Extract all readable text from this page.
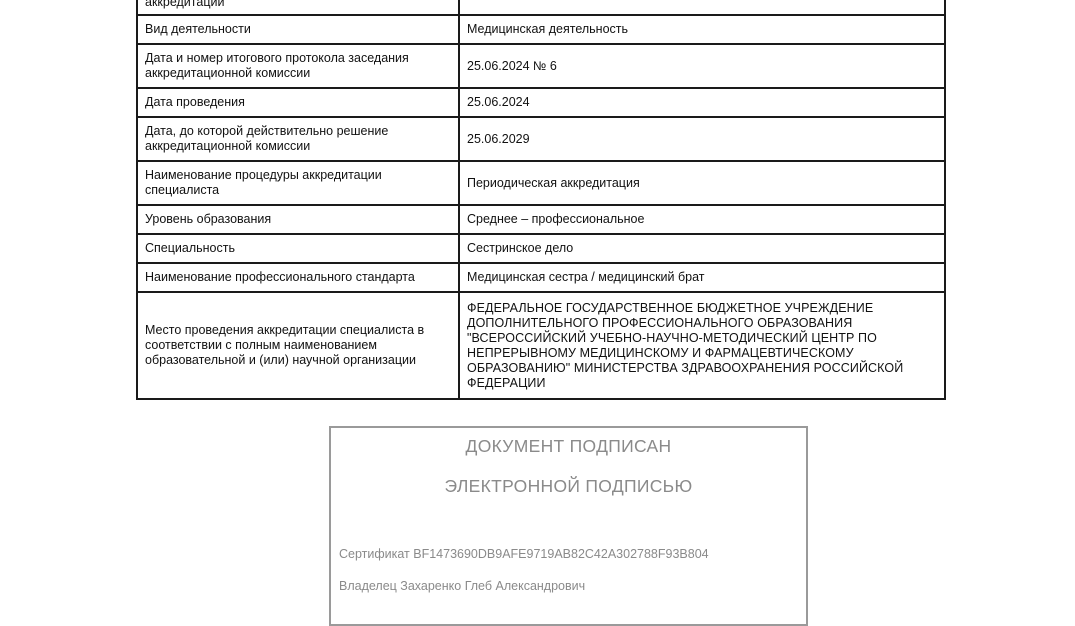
аккредитации	
Вид деятельности	Медицинская деятельность
Дата и номер итогового протокола заседания аккредитационной комиссии	25.06.2024 № 6
Дата проведения	25.06.2024
Дата, до которой действительно решение аккредитационной комиссии	25.06.2029
Наименование процедуры аккредитации специалиста	Периодическая аккредитация
Уровень образования	Среднее – профессиональное
Специальность	Сестринское дело
Наименование профессионального стандарта	Медицинская сестра / медицинский брат
Место проведения аккредитации специалиста в соответствии с полным наименованием образовательной и (или) научной организации	ФЕДЕРАЛЬНОЕ ГОСУДАРСТВЕННОЕ БЮДЖЕТНОЕ УЧРЕЖДЕНИЕ ДОПОЛНИТЕЛЬНОГО ПРОФЕССИОНАЛЬНОГО ОБРАЗОВАНИЯ "ВСЕРОССИЙСКИЙ УЧЕБНО-НАУЧНО-МЕТОДИЧЕСКИЙ ЦЕНТР ПО НЕПРЕРЫВНОМУ МЕДИЦИНСКОМУ И ФАРМАЦЕВТИЧЕСКОМУ ОБРАЗОВАНИЮ" МИНИСТЕРСТВА ЗДРАВООХРАНЕНИЯ РОССИЙСКОЙ ФЕДЕРАЦИИ
ДОКУМЕНТ ПОДПИСАН
ЭЛЕКТРОННОЙ ПОДПИСЬЮ
Сертификат BF1473690DB9AFE9719AB82C42A302788F93B804
Владелец Захаренко Глеб Александрович
